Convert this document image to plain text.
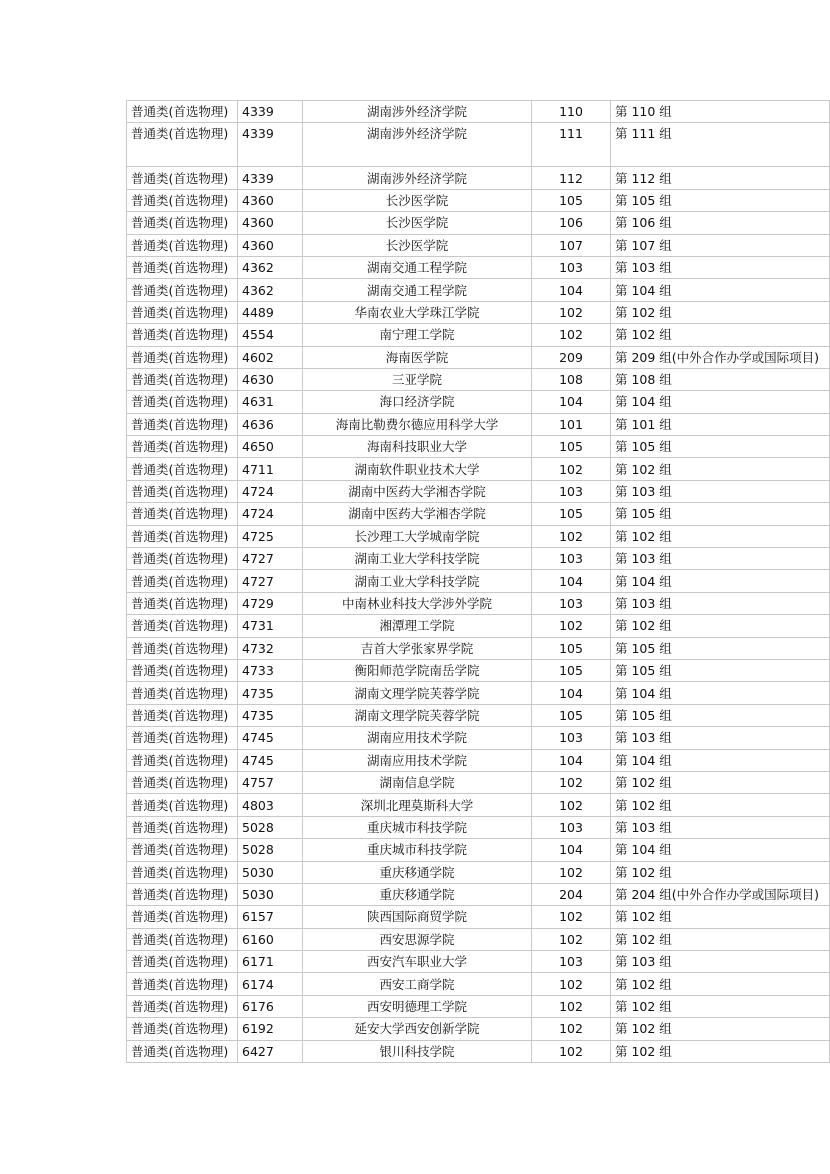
普通类(首选物理)	4339	湖南涉外经济学院	110	第 110 组
普通类(首选物理)	4339	湖南涉外经济学院	111	第 111 组
普通类(首选物理)	4339	湖南涉外经济学院	112	第 112 组
普通类(首选物理)	4360	长沙医学院	105	第 105 组
普通类(首选物理)	4360	长沙医学院	106	第 106 组
普通类(首选物理)	4360	长沙医学院	107	第 107 组
普通类(首选物理)	4362	湖南交通工程学院	103	第 103 组
普通类(首选物理)	4362	湖南交通工程学院	104	第 104 组
普通类(首选物理)	4489	华南农业大学珠江学院	102	第 102 组
普通类(首选物理)	4554	南宁理工学院	102	第 102 组
普通类(首选物理)	4602	海南医学院	209	第 209 组(中外合作办学或国际项目)
普通类(首选物理)	4630	三亚学院	108	第 108 组
普通类(首选物理)	4631	海口经济学院	104	第 104 组
普通类(首选物理)	4636	海南比勒费尔德应用科学大学	101	第 101 组
普通类(首选物理)	4650	海南科技职业大学	105	第 105 组
普通类(首选物理)	4711	湖南软件职业技术大学	102	第 102 组
普通类(首选物理)	4724	湖南中医药大学湘杏学院	103	第 103 组
普通类(首选物理)	4724	湖南中医药大学湘杏学院	105	第 105 组
普通类(首选物理)	4725	长沙理工大学城南学院	102	第 102 组
普通类(首选物理)	4727	湖南工业大学科技学院	103	第 103 组
普通类(首选物理)	4727	湖南工业大学科技学院	104	第 104 组
普通类(首选物理)	4729	中南林业科技大学涉外学院	103	第 103 组
普通类(首选物理)	4731	湘潭理工学院	102	第 102 组
普通类(首选物理)	4732	吉首大学张家界学院	105	第 105 组
普通类(首选物理)	4733	衡阳师范学院南岳学院	105	第 105 组
普通类(首选物理)	4735	湖南文理学院芙蓉学院	104	第 104 组
普通类(首选物理)	4735	湖南文理学院芙蓉学院	105	第 105 组
普通类(首选物理)	4745	湖南应用技术学院	103	第 103 组
普通类(首选物理)	4745	湖南应用技术学院	104	第 104 组
普通类(首选物理)	4757	湖南信息学院	102	第 102 组
普通类(首选物理)	4803	深圳北理莫斯科大学	102	第 102 组
普通类(首选物理)	5028	重庆城市科技学院	103	第 103 组
普通类(首选物理)	5028	重庆城市科技学院	104	第 104 组
普通类(首选物理)	5030	重庆移通学院	102	第 102 组
普通类(首选物理)	5030	重庆移通学院	204	第 204 组(中外合作办学或国际项目)
普通类(首选物理)	6157	陕西国际商贸学院	102	第 102 组
普通类(首选物理)	6160	西安思源学院	102	第 102 组
普通类(首选物理)	6171	西安汽车职业大学	103	第 103 组
普通类(首选物理)	6174	西安工商学院	102	第 102 组
普通类(首选物理)	6176	西安明德理工学院	102	第 102 组
普通类(首选物理)	6192	延安大学西安创新学院	102	第 102 组
普通类(首选物理)	6427	银川科技学院	102	第 102 组
